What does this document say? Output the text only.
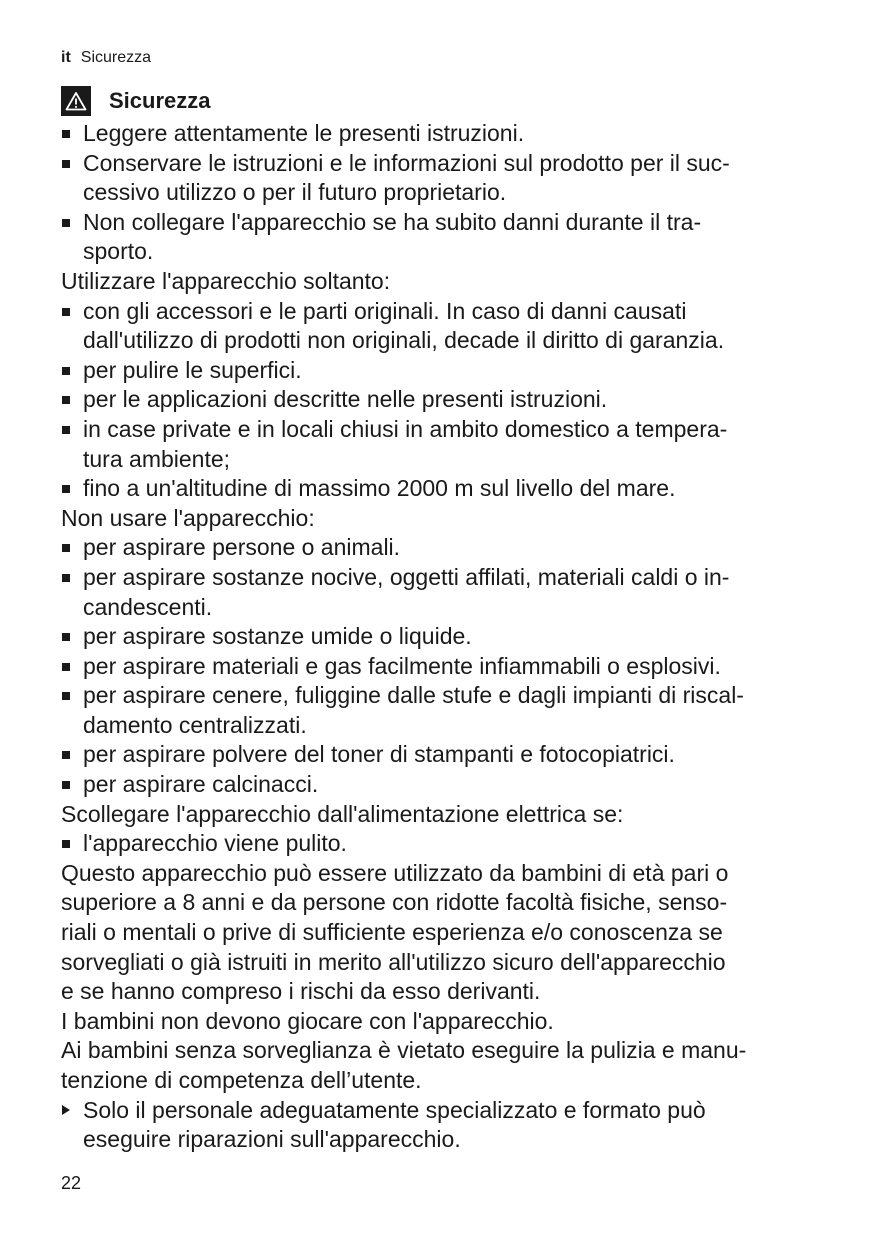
it Sicurezza
Sicurezza
Leggere attentamente le presenti istruzioni.
Conservare le istruzioni e le informazioni sul prodotto per il suc-
cessivo utilizzo o per il futuro proprietario.
Non collegare l'apparecchio se ha subito danni durante il tra-
sporto.
Utilizzare l'apparecchio soltanto:
con gli accessori e le parti originali. In caso di danni causati
dall'utilizzo di prodotti non originali, decade il diritto di garanzia.
per pulire le superfici.
per le applicazioni descritte nelle presenti istruzioni.
in case private e in locali chiusi in ambito domestico a tempera-
tura ambiente;
fino a un'altitudine di massimo 2000 m sul livello del mare.
Non usare l'apparecchio:
per aspirare persone o animali.
per aspirare sostanze nocive, oggetti affilati, materiali caldi o in-
candescenti.
per aspirare sostanze umide o liquide.
per aspirare materiali e gas facilmente infiammabili o esplosivi.
per aspirare cenere, fuliggine dalle stufe e dagli impianti di riscal-
damento centralizzati.
per aspirare polvere del toner di stampanti e fotocopiatrici.
per aspirare calcinacci.
Scollegare l'apparecchio dall'alimentazione elettrica se:
l'apparecchio viene pulito.
Questo apparecchio può essere utilizzato da bambini di età pari o
superiore a 8 anni e da persone con ridotte facoltà fisiche, senso-
riali o mentali o prive di sufficiente esperienza e/o conoscenza se
sorvegliati o già istruiti in merito all'utilizzo sicuro dell'apparecchio
e se hanno compreso i rischi da esso derivanti.
I bambini non devono giocare con l'apparecchio.
Ai bambini senza sorveglianza è vietato eseguire la pulizia e manu-
tenzione di competenza dell’utente.
Solo il personale adeguatamente specializzato e formato può
eseguire riparazioni sull'apparecchio.
22
